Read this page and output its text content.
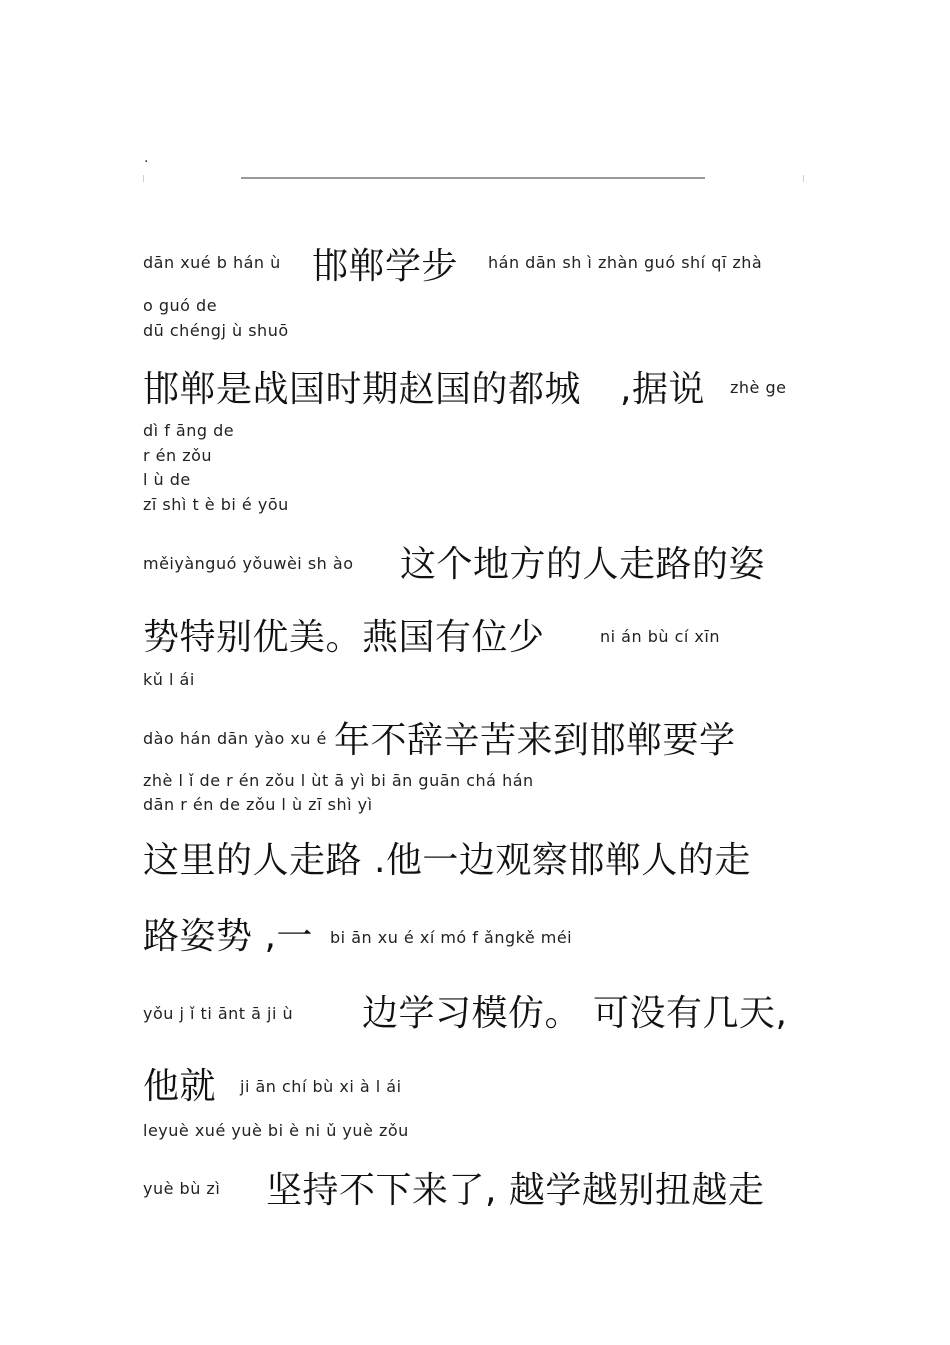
.
dān xué b hán ù 邯郸学步 hán dān sh ì zhàn guó shí qī zhà
o guó de
dū chéngj ù shuō
邯郸是战国时期赵国的都城 ,据说 zhè ge
dì f āng de
r én zǒu
l ù de
zī shì t è bi é yōu
měiyànguó yǒuwèi sh ào 这个地方的人走路的姿
势特别优美。燕国有位少	ni án bù cí xīn
kǔ l ái
dào hán dān yào xu é 年不辞辛苦来到邯郸要学
zhè l ǐ de r én zǒu l ùt ā yì bi ān guān chá hán
dān r én de zǒu l ù zī shì yì
这里的人走路 .他一边观察邯郸人的走
路姿势 ,一 bi ān xu é xí mó f ǎngkě méi
yǒu j ǐ ti ānt ā ji ù 边学习模仿。 可没有几天,
他就 ji ān chí bù xi à l ái
leyuè xué yuè bi è ni ǔ yuè zǒu
yuè bù zì 坚持不下来了, 越学越别扭越走
